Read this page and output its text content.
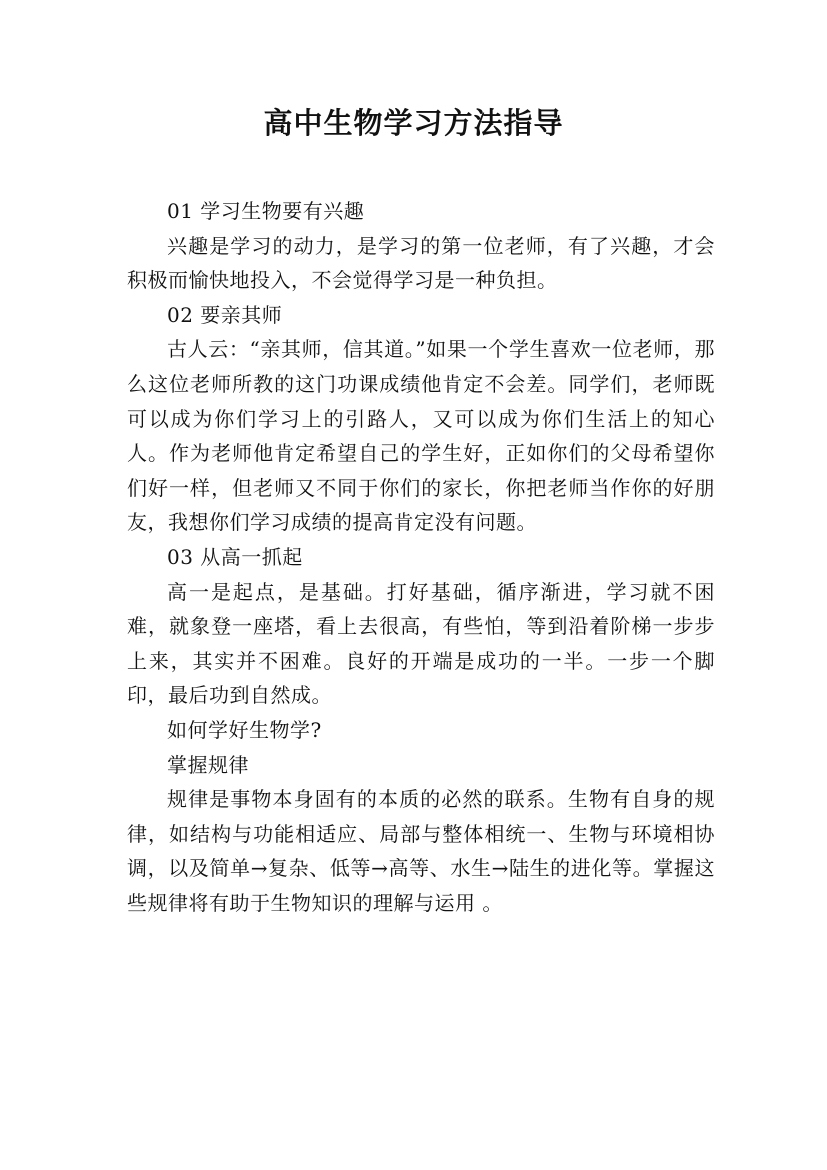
高中生物学习方法指导

01 学习生物要有兴趣

兴趣是学习的动力，是学习的第一位老师，有了兴趣，才会积极而愉快地投入，不会觉得学习是一种负担。

02 要亲其师

古人云：“亲其师，信其道。”如果一个学生喜欢一位老师，那么这位老师所教的这门功课成绩他肯定不会差。同学们，老师既可以成为你们学习上的引路人，又可以成为你们生活上的知心人。作为老师他肯定希望自己的学生好，正如你们的父母希望你们好一样，但老师又不同于你们的家长，你把老师当作你的好朋友，我想你们学习成绩的提高肯定没有问题。

03 从高一抓起

高一是起点，是基础。打好基础，循序渐进，学习就不困难，就象登一座塔，看上去很高，有些怕，等到沿着阶梯一步步上来，其实并不困难。良好的开端是成功的一半。一步一个脚印，最后功到自然成。

如何学好生物学?

掌握规律

规律是事物本身固有的本质的必然的联系。生物有自身的规律，如结构与功能相适应、局部与整体相统一、生物与环境相协调，以及简单→复杂、低等→高等、水生→陆生的进化等。掌握这些规律将有助于生物知识的理解与运用 。
